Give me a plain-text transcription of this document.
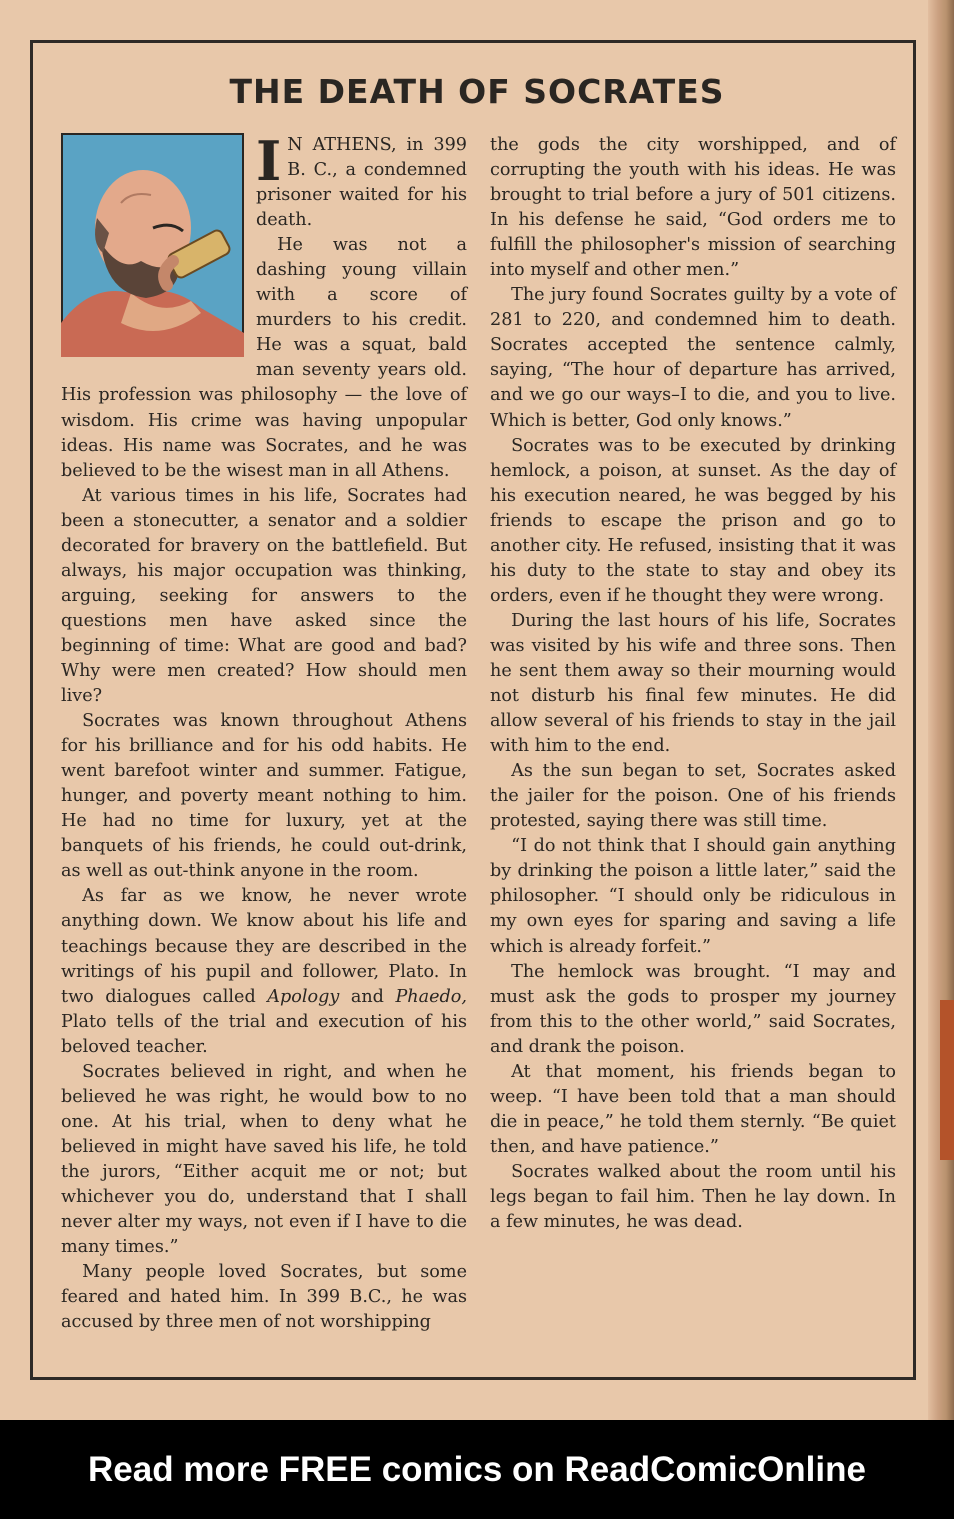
THE DEATH OF SOCRATES
I N ATHENS, in 399 B. C., a condemned prisoner waited for his death.

He was not a dashing young villain with a score of murders to his credit. He was a squat, bald man seventy years old. His profession was philosophy — the love of wisdom. His crime was having unpopular ideas. His name was Socrates, and he was believed to be the wisest man in all Athens.

At various times in his life, Socrates had been a stonecutter, a senator and a soldier decorated for bravery on the battlefield. But always, his major occupation was thinking, arguing, seeking for answers to the questions men have asked since the beginning of time: What are good and bad? Why were men created? How should men live?

Socrates was known throughout Athens for his brilliance and for his odd habits. He went barefoot winter and summer. Fatigue, hunger, and poverty meant nothing to him. He had no time for luxury, yet at the banquets of his friends, he could out-drink, as well as out-think anyone in the room.

As far as we know, he never wrote anything down. We know about his life and teachings because they are described in the writings of his pupil and follower, Plato. In two dialogues called Apology and Phaedo, Plato tells of the trial and execution of his beloved teacher.

Socrates believed in right, and when he believed he was right, he would bow to no one. At his trial, when to deny what he believed in might have saved his life, he told the jurors, “Either acquit me or not; but whichever you do, understand that I shall never alter my ways, not even if I have to die many times.”

Many people loved Socrates, but some feared and hated him. In 399 B.C., he was accused by three men of not worshipping

the gods the city worshipped, and of corrupting the youth with his ideas. He was brought to trial before a jury of 501 citizens. In his defense he said, “God orders me to fulfill the philosopher's mission of searching into myself and other men.”

The jury found Socrates guilty by a vote of 281 to 220, and condemned him to death. Socrates accepted the sentence calmly, saying, “The hour of departure has arrived, and we go our ways–I to die, and you to live. Which is better, God only knows.”

Socrates was to be executed by drinking hemlock, a poison, at sunset. As the day of his execution neared, he was begged by his friends to escape the prison and go to another city. He refused, insisting that it was his duty to the state to stay and obey its orders, even if he thought they were wrong.

During the last hours of his life, Socrates was visited by his wife and three sons. Then he sent them away so their mourning would not disturb his final few minutes. He did allow several of his friends to stay in the jail with him to the end.

As the sun began to set, Socrates asked the jailer for the poison. One of his friends protested, saying there was still time.

“I do not think that I should gain anything by drinking the poison a little later,” said the philosopher. “I should only be ridiculous in my own eyes for sparing and saving a life which is already forfeit.”

The hemlock was brought. “I may and must ask the gods to prosper my journey from this to the other world,” said Socrates, and drank the poison.

At that moment, his friends began to weep. “I have been told that a man should die in peace,” he told them sternly. “Be quiet then, and have patience.”

Socrates walked about the room until his legs began to fail him. Then he lay down. In a few minutes, he was dead.

Read more FREE comics on ReadComicOnline
